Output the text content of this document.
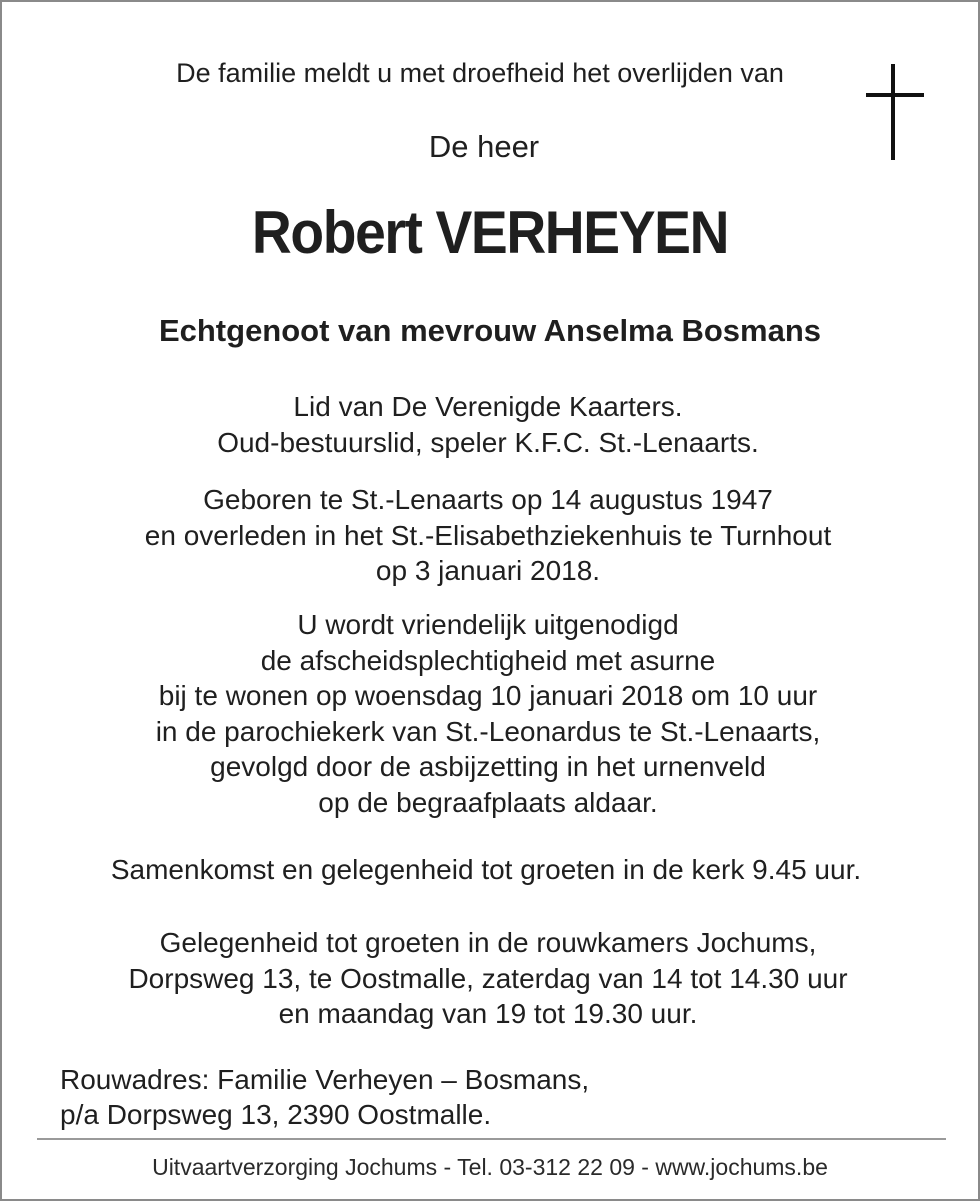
De familie meldt u met droefheid het overlijden van
De heer
Robert VERHEYEN
Echtgenoot van mevrouw Anselma Bosmans
Lid van De Verenigde Kaarters.
Oud-bestuurslid, speler K.F.C. St.-Lenaarts.
Geboren te St.-Lenaarts op 14 augustus 1947
en overleden in het St.-Elisabethziekenhuis te Turnhout
op 3 januari 2018.
U wordt vriendelijk uitgenodigd
de afscheidsplechtigheid met asurne
bij te wonen op woensdag 10 januari 2018 om 10 uur
in de parochiekerk van St.-Leonardus te St.-Lenaarts,
gevolgd door de asbijzetting in het urnenveld
op de begraafplaats aldaar.
Samenkomst en gelegenheid tot groeten in de kerk 9.45 uur.
Gelegenheid tot groeten in de rouwkamers Jochums,
Dorpsweg 13, te Oostmalle, zaterdag van 14 tot 14.30 uur
en maandag van 19 tot 19.30 uur.
Rouwadres: Familie Verheyen – Bosmans,
p/a Dorpsweg 13, 2390 Oostmalle.
Uitvaartverzorging Jochums - Tel. 03-312 22 09 - www.jochums.be
